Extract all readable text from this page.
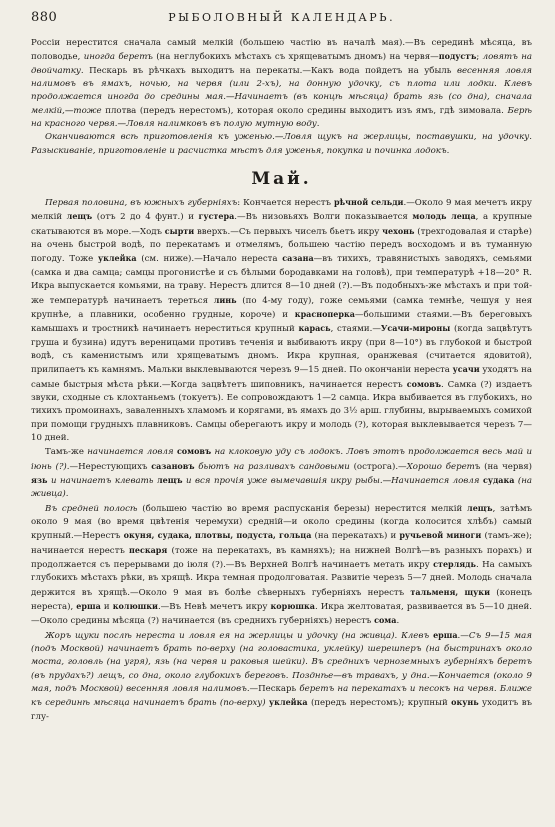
880	РЫБОЛОВНЫЙ КАЛЕНДАРЬ.

Россiи нерестится сначала самый мелкiй (большею частiю въ началѣ мая).—Въ серединѣ мѣсяца, въ половодье, иногда беретъ (на неглубокихъ мѣстахъ съ хрящеватымъ дномъ) на червя—подустъ; ловятъ на двойчатку. Пескарь въ рѣчкахъ выходитъ на перекаты.—Какъ вода пойдетъ на убыль весенняя ловля налимовъ въ ямахъ, ночью, на червя (или 2-хъ), на донную удочку, съ плота или лодки. Клевъ продолжается иногда до средины мая.—Начинаетъ (въ концѣ мѣсяца) брать язь (со дна), сначала мелкiй,—тоже плотва (передъ нерестомъ), которая около средины выходитъ изъ ямъ, гдѣ зимовала. Берѣ на красного червя.—Ловля налимковъ въ полую мутную воду.

Оканчиваются всѣ приготовленiя къ уженью.—Ловля щукъ на жерлицы, поставушки, на удочку. Разыскиванiе, приготовленiе и расчистка мѣстъ для уженья, покупка и починка лодокъ.

Май.

Первая половина, въ южныхъ губернiяхъ: Кончается нерестъ рѣчной сельди.—Около 9 мая мечетъ икру мелкiй лещъ (отъ 2 до 4 фунт.) и густера.—Въ низовьяхъ Волги показывается молодь леща, а крупные скатываются въ море.—Ходъ сырти вверхъ.—Съ первыхъ чиселъ бьетъ икру чехонь (трехгодовалая и старѣе) на очень быстрой водѣ, по перекатамъ и отмелямъ, большею частiю передъ восходомъ и въ туманную погоду. Тоже уклейка (см. ниже).—Начало нереста сазана—въ тихихъ, травянистыхъ заводяхъ, семьями (самка и два самца; самцы прогонистѣе и съ бѣлыми бородавками на головѣ), при температурѣ +18—20° R. Икра выпускается комьями, на траву. Нерестъ длится 8—10 дней (?).—Въ подобныхъ-же мѣстахъ и при той-же температурѣ начинаетъ тереться линь (по 4-му году), гоже семьями (самка темнѣе, чешуя у нея крупнѣе, а плавники, особенно грудные, короче) и красноперка—большими стаями.—Въ береговыхъ камышахъ и тростникѣ начинаетъ нереститься крупный карась, стаями.—Усачи-мироны (когда зацвѣтутъ груша и бузина) идутъ вереницами противъ теченiя и выбиваютъ икру (при 8—10°) въ глубокой и быстрой водѣ, съ каменистымъ или хрящеватымъ дномъ. Икра крупная, оранжевая (считается ядовитой), прилипаетъ къ камнямъ. Мальки выклевываются черезъ 9—15 дней. По окончанiи нереста усачи уходятъ на самые быстрыя мѣста рѣки.—Когда зацвѣтетъ шиповникъ, начинается нерестъ сомовъ. Самка (?) издаетъ звуки, сходные съ клохтаньемъ (токуетъ). Ее сопровождаютъ 1—2 самца. Икра выбивается въ глубокихъ, но тихихъ промоинахъ, заваленныхъ хламомъ и корягами, въ ямахъ до 3½ арш. глубины, вырываемыхъ сомихой при помощи грудныхъ плавниковъ. Самцы оберегаютъ икру и молодь (?), которая выклевывается черезъ 7—10 дней.

Тамъ-же начинается ловля сомовъ на клоковую уду съ лодокъ. Ловъ этотъ продолжается весь май и iюнь (?).—Нерестующихъ сазановъ бьютъ на разливахъ сандовыми (острога).—Хорошо беретъ (на червя) язь и начинаетъ клевать лещъ и вся прочiя уже вымечавшiя икру рыбы.—Начинается ловля судака (на живца).

Въ средней полосѣ (большею частiю во время распусканiя березы) нерестится мелкiй лещъ, затѣмъ около 9 мая (во время цвѣтенiя черемухи) среднiй—и около средины (когда колосится хлѣбъ) самый крупный.—Нерестъ окуня, судака, плотвы, подуста, гольца (на перекатахъ) и ручьевой миноги (тамъ-же); начинается нерестъ пескаря (тоже на перекатахъ, въ камняхъ); на нижней Волгѣ—въ разныхъ порахъ) и продолжается съ перерывами до iюля (?).—Въ Верхней Волгѣ начинаетъ метать икру стерлядь. На самыхъ глубокихъ мѣстахъ рѣки, въ хрящѣ. Икра темная продолговатая. Развитiе черезъ 5—7 дней. Молодь сначала держится въ хрящѣ.—Около 9 мая въ болѣе сѣверныхъ губернiяхъ нерестъ тальменя, щуки (конецъ нереста), ерша и колюшки.—Въ Невѣ мечетъ икру корюшка. Икра желтоватая, развивается въ 5—10 дней.—Около средины мѣсяца (?) начинается (въ среднихъ губернiяхъ) нерестъ сома.

Жоръ щуки послѣ нереста и ловля ея на жерлицы и удочку (на живца). Клевъ ерша.—Съ 9—15 мая (подъ Москвой) начинаетъ брать по-верху (на головастика, уклейку) шерешперъ (на быстринахъ около моста, головль (на угря), язь (на червя и раковыя шейки). Въ среднихъ черноземныхъ губернiяхъ беретъ (въ прудахъ?) лещъ, со дна, около глубокихъ береговъ. Позднѣе—въ травахъ, у дна.—Кончается (около 9 мая, подъ Москвой) весенняя ловля налимовъ.—Пескарь беретъ на перекатахъ и песокъ на червя. Ближе къ серединѣ мѣсяца начинаетъ брать (по-верху) уклейка (передъ нерестомъ); крупный окунь уходитъ въ глу-
